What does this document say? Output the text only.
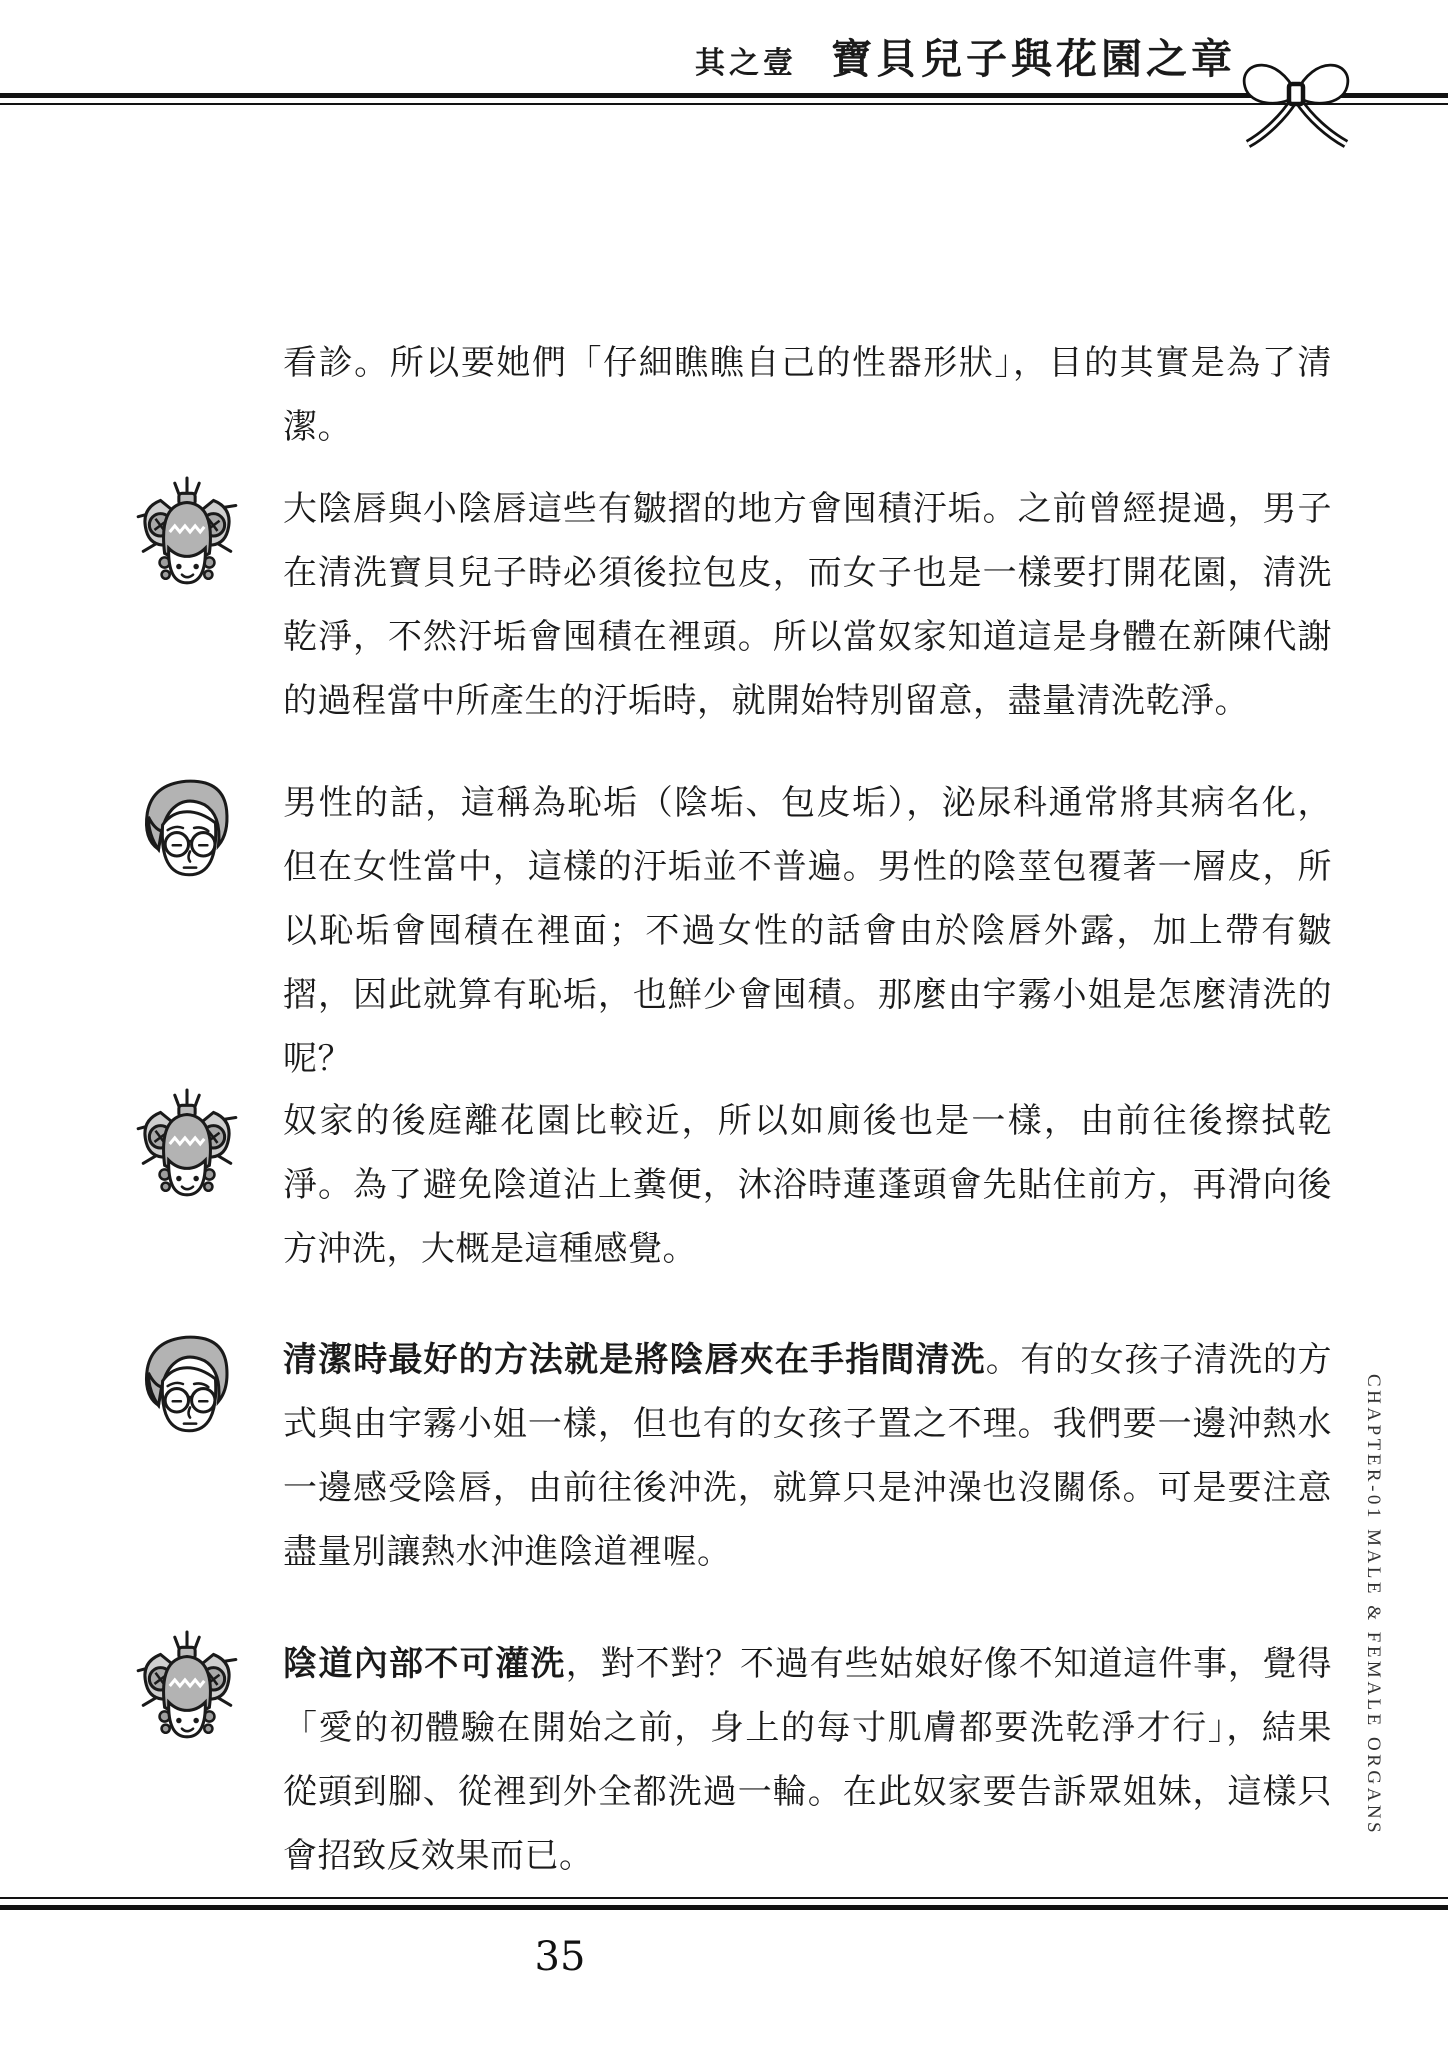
其之壹 寶貝兒子與花園之章

看診。所以要她們「仔細瞧瞧自己的性器形狀」，目的其實是為了清潔。

大陰唇與小陰唇這些有皺摺的地方會囤積汙垢。之前曾經提過，男子在清洗寶貝兒子時必須後拉包皮，而女子也是一樣要打開花園，清洗乾淨，不然汙垢會囤積在裡頭。所以當奴家知道這是身體在新陳代謝的過程當中所產生的汙垢時，就開始特別留意，盡量清洗乾淨。

男性的話，這稱為恥垢（陰垢、包皮垢），泌尿科通常將其病名化，但在女性當中，這樣的汙垢並不普遍。男性的陰莖包覆著一層皮，所以恥垢會囤積在裡面；不過女性的話會由於陰唇外露，加上帶有皺摺，因此就算有恥垢，也鮮少會囤積。那麼由宇霧小姐是怎麼清洗的呢？

奴家的後庭離花園比較近，所以如廁後也是一樣，由前往後擦拭乾淨。為了避免陰道沾上糞便，沐浴時蓮蓬頭會先貼住前方，再滑向後方沖洗，大概是這種感覺。

清潔時最好的方法就是將陰唇夾在手指間清洗。有的女孩子清洗的方式與由宇霧小姐一樣，但也有的女孩子置之不理。我們要一邊沖熱水一邊感受陰唇，由前往後沖洗，就算只是沖澡也沒關係。可是要注意盡量別讓熱水沖進陰道裡喔。

陰道內部不可灌洗，對不對？不過有些姑娘好像不知道這件事，覺得「愛的初體驗在開始之前，身上的每寸肌膚都要洗乾淨才行」，結果從頭到腳、從裡到外全都洗過一輪。在此奴家要告訴眾姐妹，這樣只會招致反效果而已。

CHAPTER-01 MALE & FEMALE ORGANS
35
